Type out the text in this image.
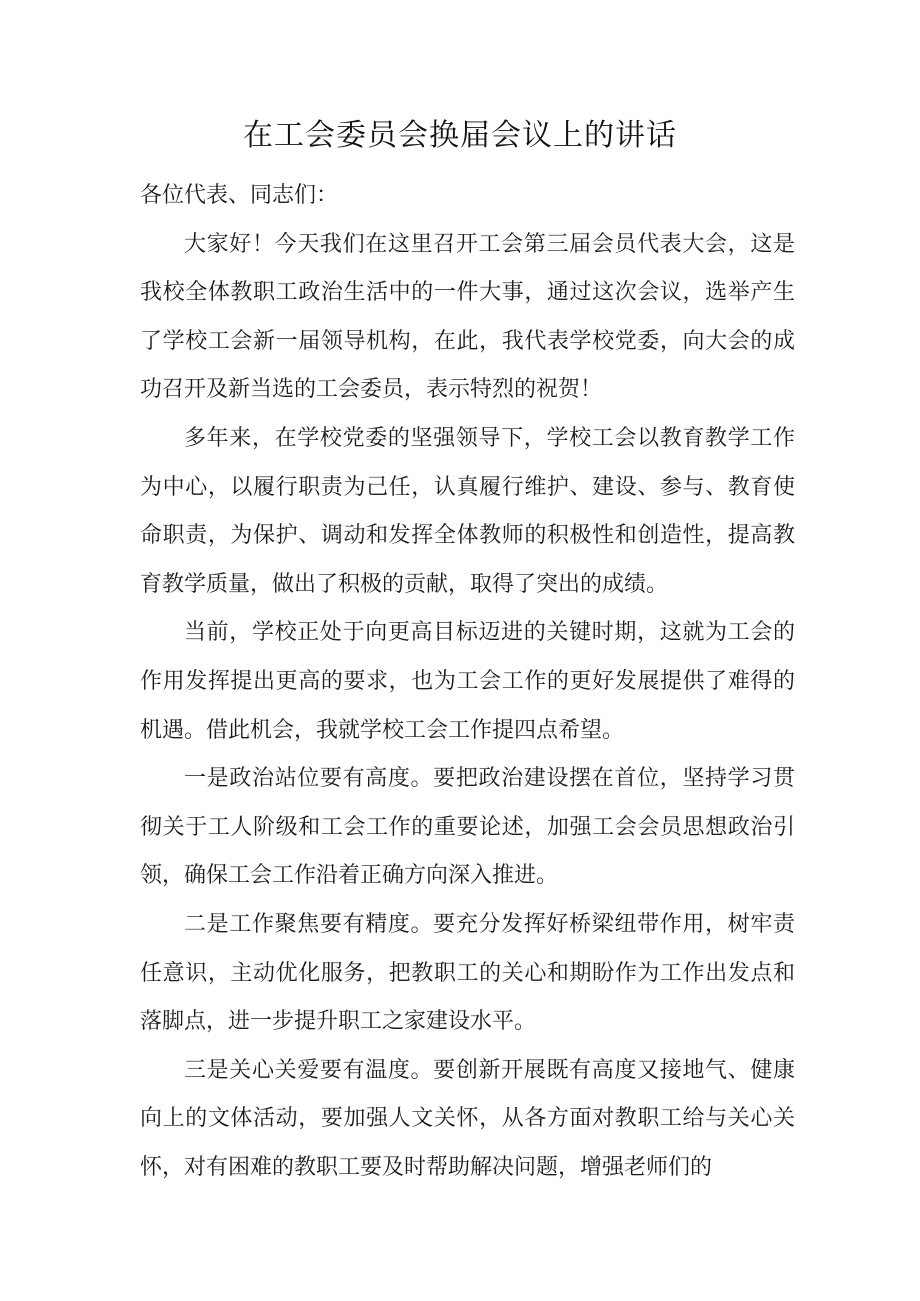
在工会委员会换届会议上的讲话

各位代表、同志们：

大家好！今天我们在这里召开工会第三届会员代表大会，这是我校全体教职工政治生活中的一件大事，通过这次会议，选举产生了学校工会新一届领导机构，在此，我代表学校党委，向大会的成功召开及新当选的工会委员，表示特烈的祝贺！

多年来，在学校党委的坚强领导下，学校工会以教育教学工作为中心，以履行职责为己任，认真履行维护、建设、参与、教育使命职责，为保护、调动和发挥全体教师的积极性和创造性，提高教育教学质量，做出了积极的贡献，取得了突出的成绩。

当前，学校正处于向更高目标迈进的关键时期，这就为工会的作用发挥提出更高的要求，也为工会工作的更好发展提供了难得的机遇。借此机会，我就学校工会工作提四点希望。

一是政治站位要有高度。要把政治建设摆在首位，坚持学习贯彻关于工人阶级和工会工作的重要论述，加强工会会员思想政治引领，确保工会工作沿着正确方向深入推进。

二是工作聚焦要有精度。要充分发挥好桥梁纽带作用，树牢责任意识，主动优化服务，把教职工的关心和期盼作为工作出发点和落脚点，进一步提升职工之家建设水平。

三是关心关爱要有温度。要创新开展既有高度又接地气、健康向上的文体活动，要加强人文关怀，从各方面对教职工给与关心关怀，对有困难的教职工要及时帮助解决问题，增强老师们的
